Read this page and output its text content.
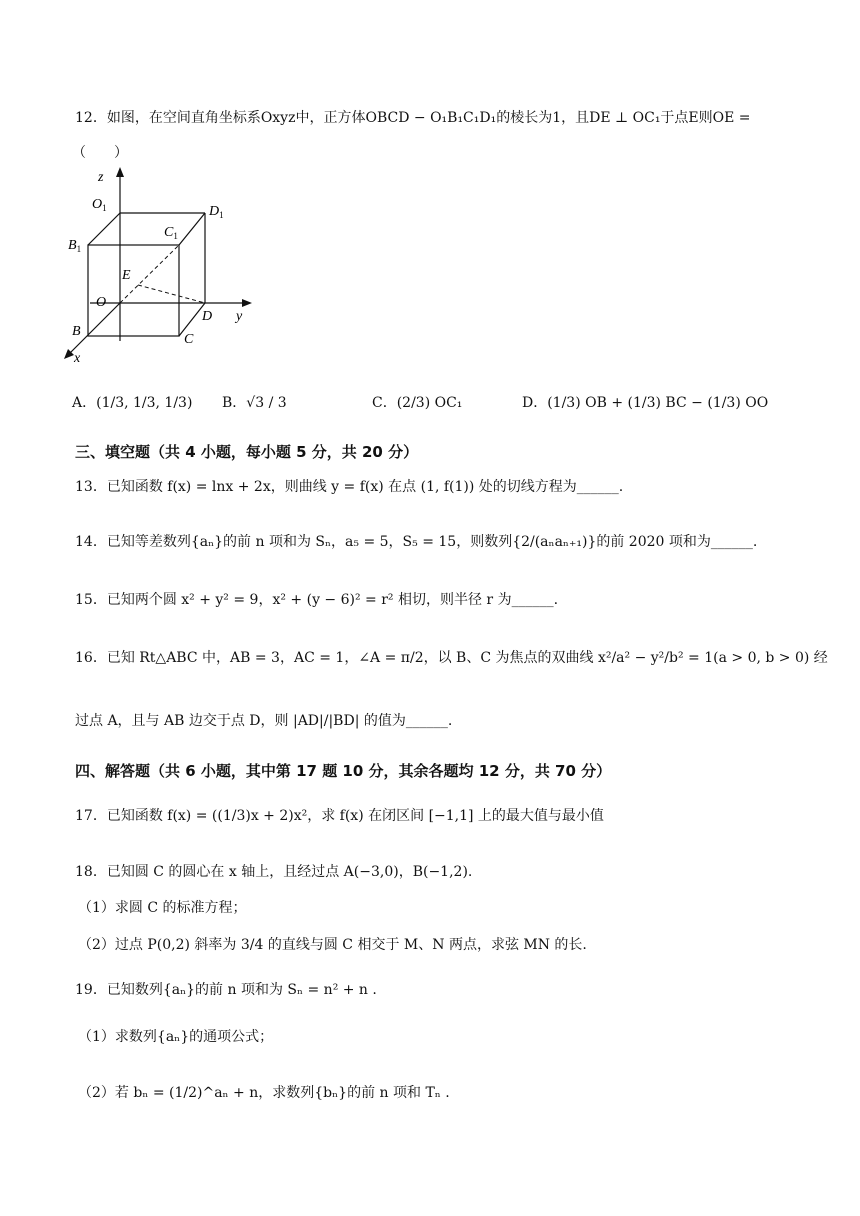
12．如图，在空间直角坐标系Oxyz中，正方体OBCD − O₁B₁C₁D₁的棱长为1，且DE ⊥ OC₁于点E则OE =
（　　）
z
$O_1$	$D_1$
$B_1$
$C_1$
E
O
D y
B
C
x
A．(1/3, 1/3, 1/3) B．√3 / 3	C．(2/3) OC₁	D．(1/3) OB + (1/3) BC − (1/3) OO
三、填空题（共 4 小题，每小题 5 分，共 20 分）
13．已知函数 f(x) = lnx + 2x，则曲线 y = f(x) 在点 (1, f(1)) 处的切线方程为______.
14．已知等差数列{aₙ}的前 n 项和为 Sₙ，a₅ = 5，S₅ = 15，则数列{2/(aₙaₙ₊₁)}的前 2020 项和为______.
15．已知两个圆 x² + y² = 9，x² + (y − 6)² = r² 相切，则半径 r 为______.
16．已知 Rt△ABC 中，AB = 3，AC = 1，∠A = π/2，以 B、C 为焦点的双曲线 x²/a² − y²/b² = 1(a > 0, b > 0) 经
过点 A，且与 AB 边交于点 D，则 |AD|/|BD| 的值为______.
四、解答题（共 6 小题，其中第 17 题 10 分，其余各题均 12 分，共 70 分）
17．已知函数 f(x) = ((1/3)x + 2)x²，求 f(x) 在闭区间 [−1,1] 上的最大值与最小值
18．已知圆 C 的圆心在 x 轴上，且经过点 A(−3,0)，B(−1,2).
（1）求圆 C 的标准方程；
（2）过点 P(0,2) 斜率为 3/4 的直线与圆 C 相交于 M、N 两点，求弦 MN 的长.
19．已知数列{aₙ}的前 n 项和为 Sₙ = n² + n .
（1）求数列{aₙ}的通项公式；
（2）若 bₙ = (1/2)^aₙ + n，求数列{bₙ}的前 n 项和 Tₙ .
